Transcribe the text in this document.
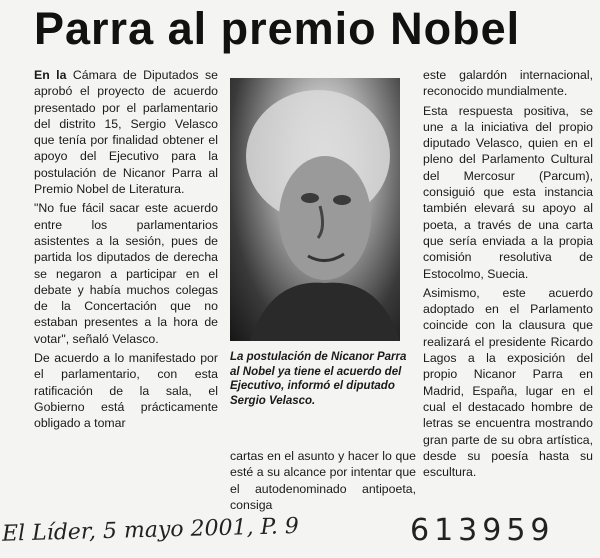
Parra al premio Nobel

En la Cámara de Diputados se aprobó el proyecto de acuerdo presentado por el parlamentario del distrito 15, Sergio Velasco que tenía por finalidad obtener el apoyo del Ejecutivo para la postulación de Nicanor Parra al Premio Nobel de Literatura.

"No fue fácil sacar este acuerdo entre los parlamentarios asistentes a la sesión, pues de partida los diputados de derecha se negaron a participar en el debate y había muchos colegas de la Concertación que no estaban presentes a la hora de votar", señaló Velasco.

De acuerdo a lo manifestado por el parlamentario, con esta ratificación de la sala, el Gobierno está prácticamente obligado a tomar

La postulación de Nicanor Parra al Nobel ya tiene el acuerdo del Ejecutivo, informó el diputado Sergio Velasco.

cartas en el asunto y hacer lo que esté a su alcance por intentar que el autodenominado antipoeta, consiga

este galardón internacional, reconocido mundialmente.

Esta respuesta positiva, se une a la iniciativa del propio diputado Velasco, quien en el pleno del Parlamento Cultural del Mercosur (Parcum), consiguió que esta instancia también elevará su apoyo al poeta, a través de una carta que sería enviada a la propia comisión resolutiva de Estocolmo, Suecia.

Asimismo, este acuerdo adoptado en el Parlamento coincide con la clausura que realizará el presidente Ricardo Lagos a la exposición del propio Nicanor Parra en Madrid, España, lugar en el cual el destacado hombre de letras se encuentra mostrando gran parte de su obra artística, desde su poesía hasta su escultura.

El Líder, 5 mayo 2001, P. 9	613959
